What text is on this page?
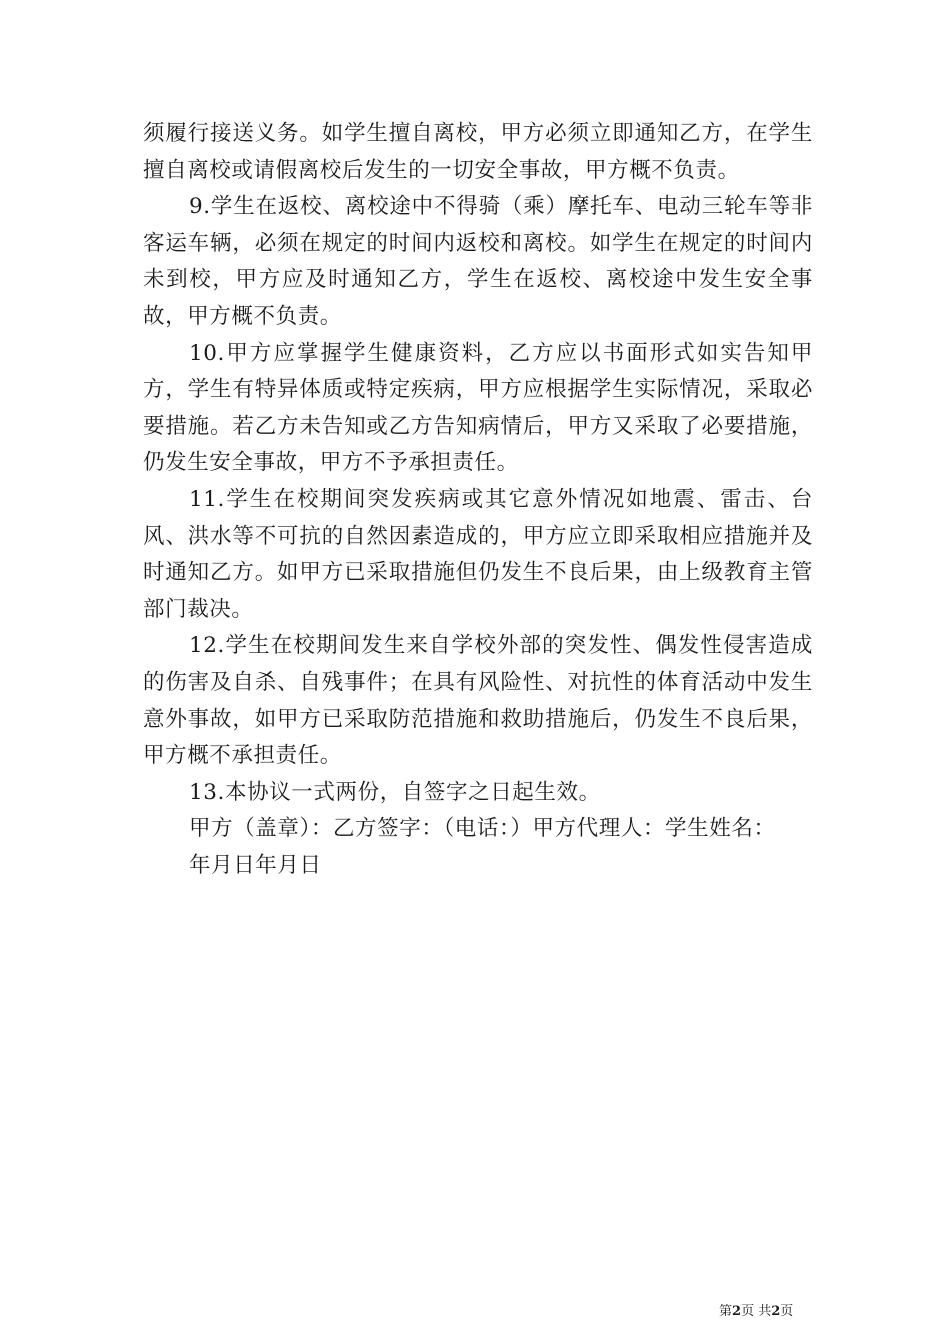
须履行接送义务。如学生擅自离校，甲方必须立即通知乙方，在学生擅自离校或请假离校后发生的一切安全事故，甲方概不负责。

9.学生在返校、离校途中不得骑（乘）摩托车、电动三轮车等非客运车辆，必须在规定的时间内返校和离校。如学生在规定的时间内未到校，甲方应及时通知乙方，学生在返校、离校途中发生安全事故，甲方概不负责。

10.甲方应掌握学生健康资料，乙方应以书面形式如实告知甲方，学生有特异体质或特定疾病，甲方应根据学生实际情况，采取必要措施。若乙方未告知或乙方告知病情后，甲方又采取了必要措施，仍发生安全事故，甲方不予承担责任。

11.学生在校期间突发疾病或其它意外情况如地震、雷击、台风、洪水等不可抗的自然因素造成的，甲方应立即采取相应措施并及时通知乙方。如甲方已采取措施但仍发生不良后果，由上级教育主管部门裁决。

12.学生在校期间发生来自学校外部的突发性、偶发性侵害造成的伤害及自杀、自残事件；在具有风险性、对抗性的体育活动中发生意外事故，如甲方已采取防范措施和救助措施后，仍发生不良后果，甲方概不承担责任。

13.本协议一式两份，自签字之日起生效。

甲方（盖章）：乙方签字：（电话：）甲方代理人：学生姓名：

年月日年月日

第2页 共2页
